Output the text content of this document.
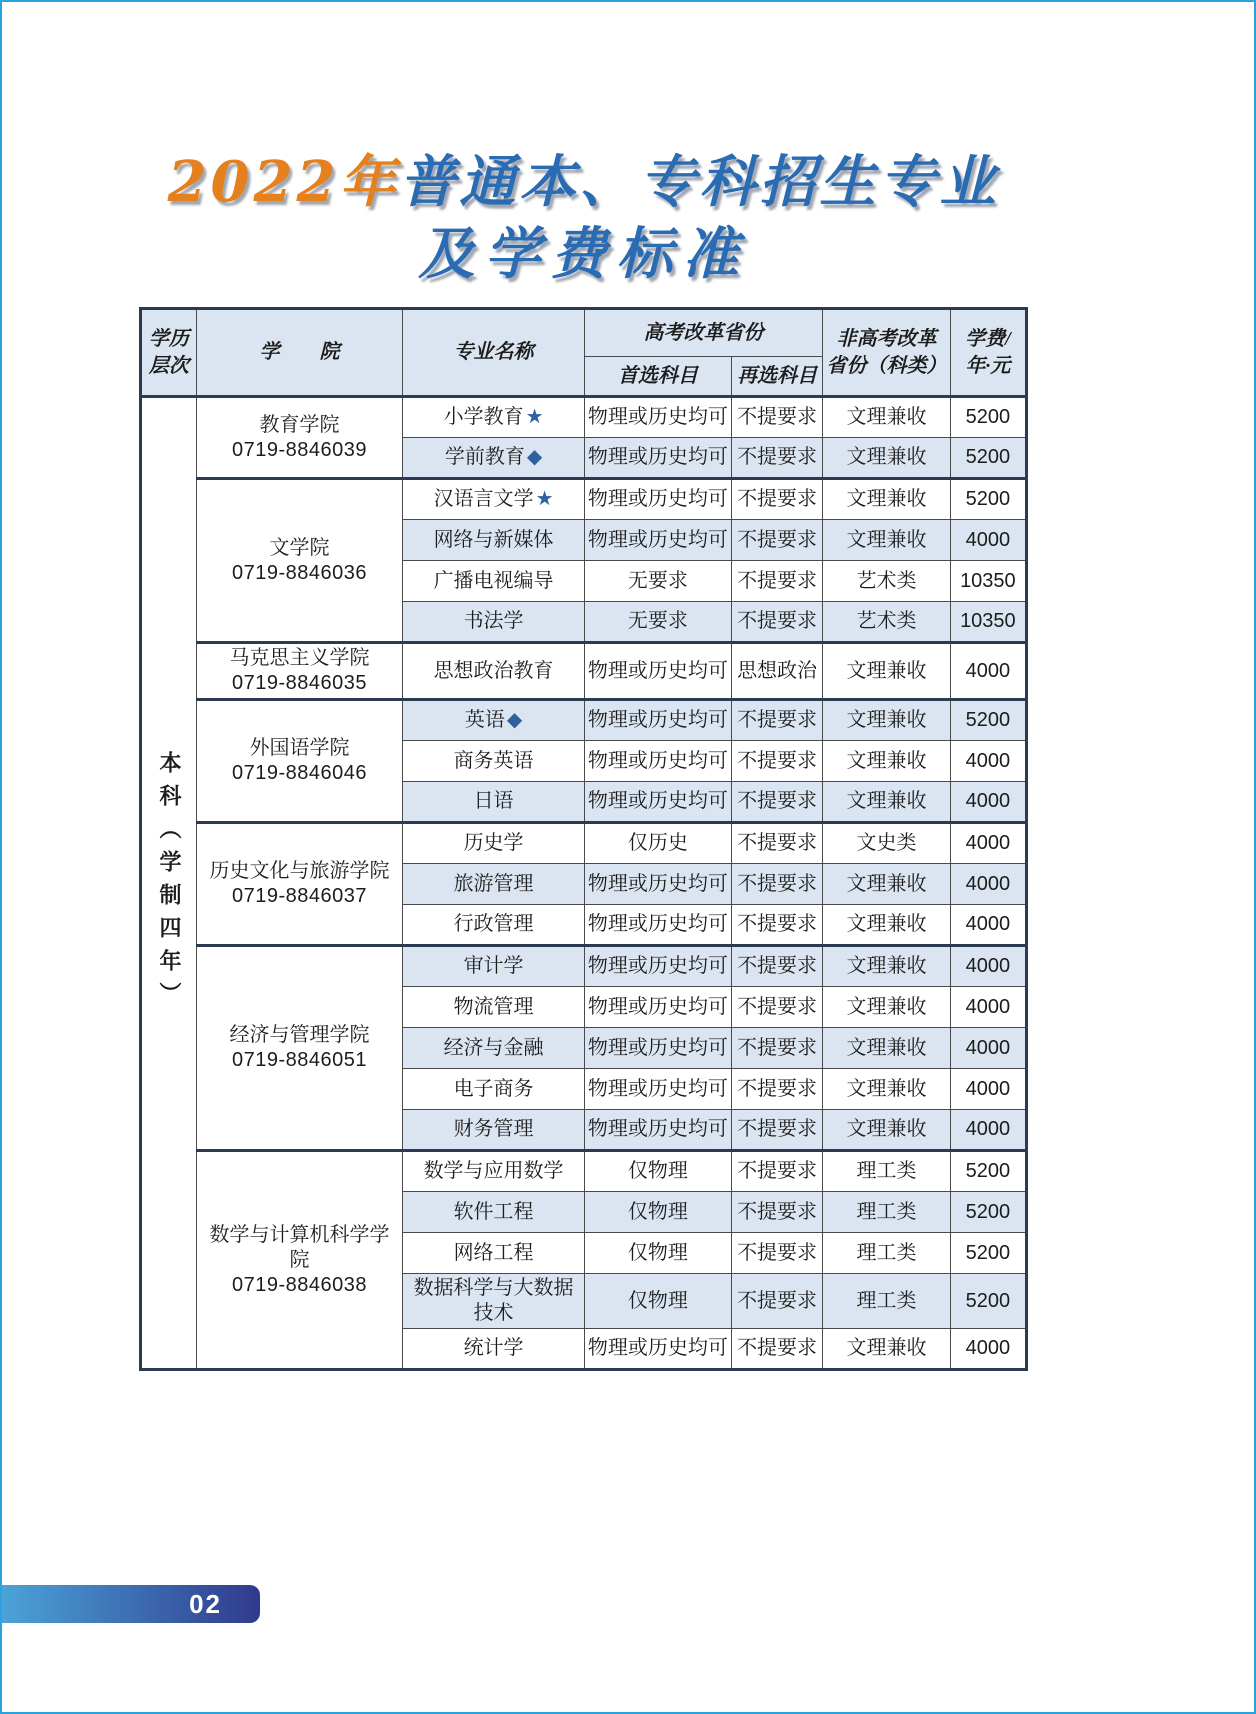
2022年普通本、专科招生专业
及学费标准
学历
层次	学　　院	专业名称	高考改革省份		非高考改革
省份（科类）	学费/
年·元
			首选科目	再选科目		

本科（学制四年）	教育学院
0719-8846039	小学教育 ★	物理或历史均可	不提要求	文理兼收	5200
		学前教育 ◆	物理或历史均可	不提要求	文理兼收	5200

	文学院
0719-8846036	汉语言文学 ★	物理或历史均可	不提要求	文理兼收	5200
		网络与新媒体	物理或历史均可	不提要求	文理兼收	4000
		广播电视编导	无要求	不提要求	艺术类	10350
		书法学	无要求	不提要求	艺术类	10350

	马克思主义学院
0719-8846035	思想政治教育	物理或历史均可	思想政治	文理兼收	4000

	外国语学院
0719-8846046	英语 ◆	物理或历史均可	不提要求	文理兼收	5200
		商务英语	物理或历史均可	不提要求	文理兼收	4000
		日语	物理或历史均可	不提要求	文理兼收	4000

	历史文化与旅游学院
0719-8846037	历史学	仅历史	不提要求	文史类	4000
		旅游管理	物理或历史均可	不提要求	文理兼收	4000
		行政管理	物理或历史均可	不提要求	文理兼收	4000

	经济与管理学院
0719-8846051	审计学	物理或历史均可	不提要求	文理兼收	4000
		物流管理	物理或历史均可	不提要求	文理兼收	4000
		经济与金融	物理或历史均可	不提要求	文理兼收	4000
		电子商务	物理或历史均可	不提要求	文理兼收	4000
		财务管理	物理或历史均可	不提要求	文理兼收	4000

	数学与计算机科学学院
0719-8846038	数学与应用数学	仅物理	不提要求	理工类	5200
		软件工程	仅物理	不提要求	理工类	5200
		网络工程	仅物理	不提要求	理工类	5200
		数据科学与大数据技术	仅物理	不提要求	理工类	5200
		统计学	物理或历史均可	不提要求	文理兼收	4000
02
